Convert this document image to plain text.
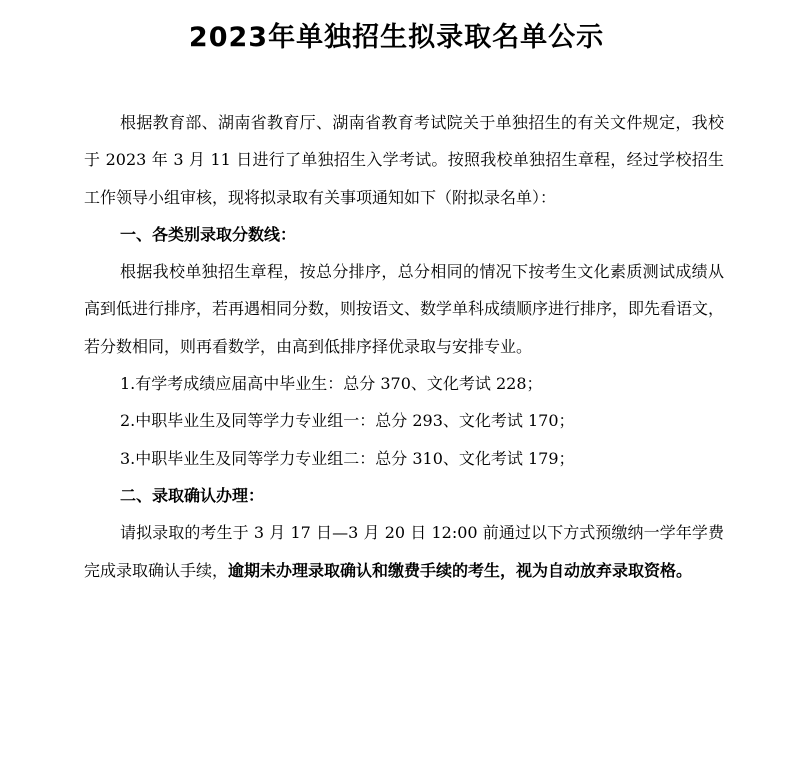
2023年单独招生拟录取名单公示

根据教育部、湖南省教育厅、湖南省教育考试院关于单独招生的有关文件规定，我校于 2023 年 3 月 11 日进行了单独招生入学考试。按照我校单独招生章程，经过学校招生工作领导小组审核，现将拟录取有关事项通知如下（附拟录名单）：

一、各类别录取分数线：

根据我校单独招生章程，按总分排序，总分相同的情况下按考生文化素质测试成绩从高到低进行排序，若再遇相同分数，则按语文、数学单科成绩顺序进行排序，即先看语文，若分数相同，则再看数学，由高到低排序择优录取与安排专业。

1.有学考成绩应届高中毕业生：总分 370、文化考试 228；

2.中职毕业生及同等学力专业组一：总分 293、文化考试 170；

3.中职毕业生及同等学力专业组二：总分 310、文化考试 179；

二、录取确认办理：

请拟录取的考生于 3 月 17 日—3 月 20 日 12:00 前通过以下方式预缴纳一学年学费完成录取确认手续，逾期未办理录取确认和缴费手续的考生，视为自动放弃录取资格。
